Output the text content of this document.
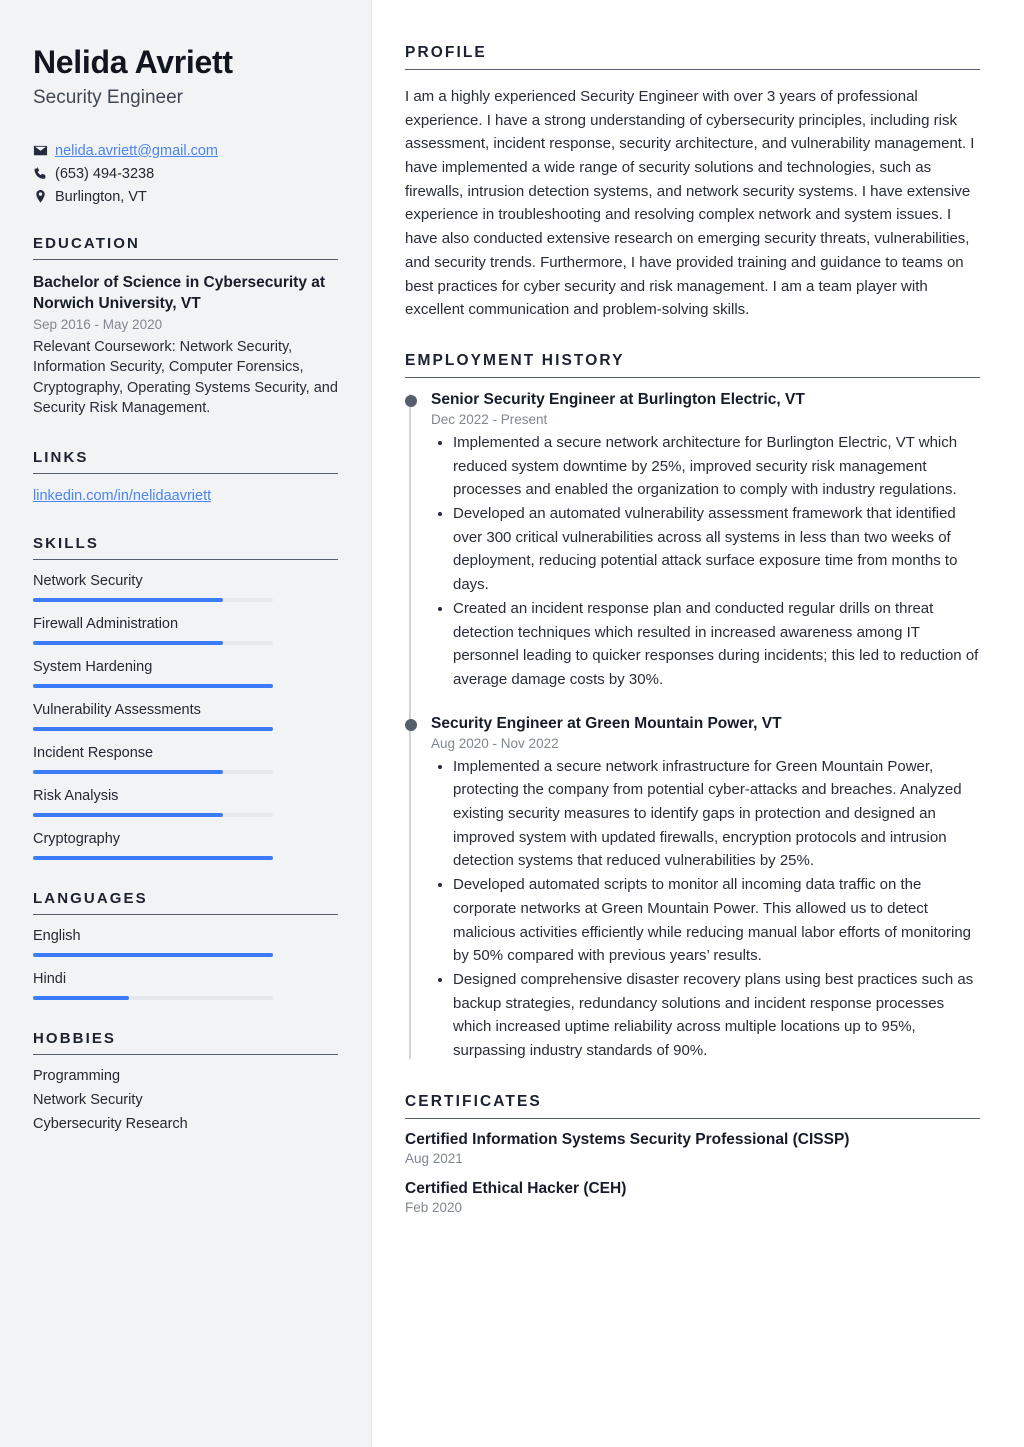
Nelida Avriett
Security Engineer
nelida.avriett@gmail.com
(653) 494-3238
Burlington, VT
EDUCATION
Bachelor of Science in Cybersecurity at Norwich University, VT
Sep 2016 - May 2020
Relevant Coursework: Network Security, Information Security, Computer Forensics, Cryptography, Operating Systems Security, and Security Risk Management.
LINKS
linkedin.com/in/nelidaavriett
SKILLS
Network Security
Firewall Administration
System Hardening
Vulnerability Assessments
Incident Response
Risk Analysis
Cryptography
LANGUAGES
English
Hindi
HOBBIES
Programming
Network Security
Cybersecurity Research
PROFILE

I am a highly experienced Security Engineer with over 3 years of professional experience. I have a strong understanding of cybersecurity principles, including risk assessment, incident response, security architecture, and vulnerability management. I have implemented a wide range of security solutions and technologies, such as firewalls, intrusion detection systems, and network security systems. I have extensive experience in troubleshooting and resolving complex network and system issues. I have also conducted extensive research on emerging security threats, vulnerabilities, and security trends. Furthermore, I have provided training and guidance to teams on best practices for cyber security and risk management. I am a team player with excellent communication and problem-solving skills.

EMPLOYMENT HISTORY
Senior Security Engineer at Burlington Electric, VT
Dec 2022 - Present
• Implemented a secure network architecture for Burlington Electric, VT which reduced system downtime by 25%, improved security risk management processes and enabled the organization to comply with industry regulations.
• Developed an automated vulnerability assessment framework that identified over 300 critical vulnerabilities across all systems in less than two weeks of deployment, reducing potential attack surface exposure time from months to days.
• Created an incident response plan and conducted regular drills on threat detection techniques which resulted in increased awareness among IT personnel leading to quicker responses during incidents; this led to reduction of average damage costs by 30%.
Security Engineer at Green Mountain Power, VT
Aug 2020 - Nov 2022
• Implemented a secure network infrastructure for Green Mountain Power, protecting the company from potential cyber-attacks and breaches. Analyzed existing security measures to identify gaps in protection and designed an improved system with updated firewalls, encryption protocols and intrusion detection systems that reduced vulnerabilities by 25%.
• Developed automated scripts to monitor all incoming data traffic on the corporate networks at Green Mountain Power. This allowed us to detect malicious activities efficiently while reducing manual labor efforts of monitoring by 50% compared with previous years’ results.
• Designed comprehensive disaster recovery plans using best practices such as backup strategies, redundancy solutions and incident response processes which increased uptime reliability across multiple locations up to 95%, surpassing industry standards of 90%.
CERTIFICATES
Certified Information Systems Security Professional (CISSP)
Aug 2021
Certified Ethical Hacker (CEH)
Feb 2020
